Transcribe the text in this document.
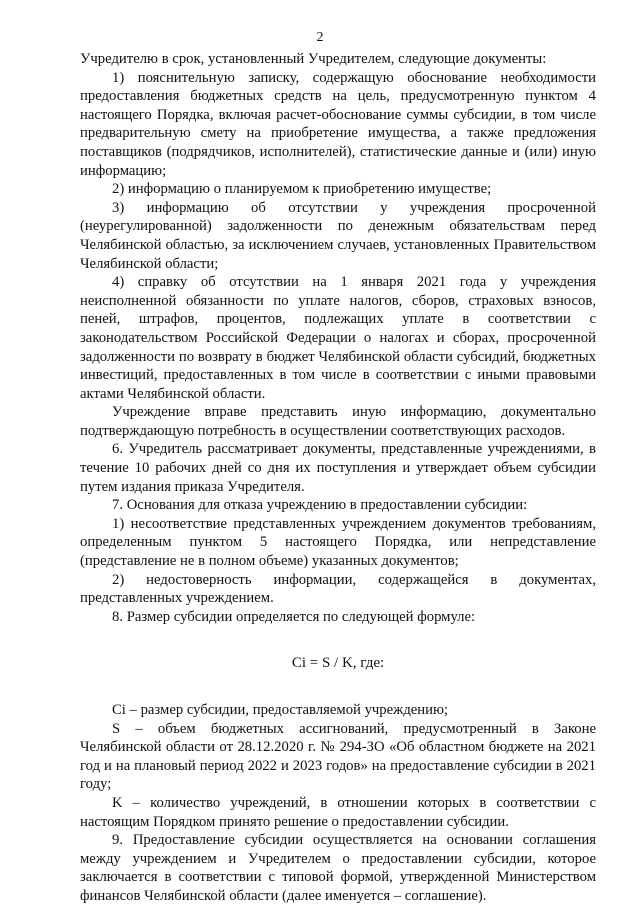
2

Учредителю в срок, установленный Учредителем, следующие документы:

1) пояснительную записку, содержащую обоснование необходимости предоставления бюджетных средств на цель, предусмотренную пунктом 4 настоящего Порядка, включая расчет-обоснование суммы субсидии, в том числе предварительную смету на приобретение имущества, а также предложения поставщиков (подрядчиков, исполнителей), статистические данные и (или) иную информацию;

2) информацию о планируемом к приобретению имуществе;

3) информацию об отсутствии у учреждения просроченной (неурегулированной) задолженности по денежным обязательствам перед Челябинской областью, за исключением случаев, установленных Правительством Челябинской области;

4) справку об отсутствии на 1 января 2021 года у учреждения неисполненной обязанности по уплате налогов, сборов, страховых взносов, пеней, штрафов, процентов, подлежащих уплате в соответствии с законодательством Российской Федерации о налогах и сборах, просроченной задолженности по возврату в бюджет Челябинской области субсидий, бюджетных инвестиций, предоставленных в том числе в соответствии с иными правовыми актами Челябинской области.

Учреждение вправе представить иную информацию, документально подтверждающую потребность в осуществлении соответствующих расходов.

6. Учредитель рассматривает документы, представленные учреждениями, в течение 10 рабочих дней со дня их поступления и утверждает объем субсидии путем издания приказа Учредителя.

7. Основания для отказа учреждению в предоставлении субсидии:

1) несоответствие представленных учреждением документов требованиям, определенным пунктом 5 настоящего Порядка, или непредставление (представление не в полном объеме) указанных документов;

2) недостоверность информации, содержащейся в документах, представленных учреждением.

8. Размер субсидии определяется по следующей формуле:

Ci = S / K, где:

Ci – размер субсидии, предоставляемой учреждению;

S – объем бюджетных ассигнований, предусмотренный в Законе Челябинской области от 28.12.2020 г. № 294-ЗО «Об областном бюджете на 2021 год и на плановый период 2022 и 2023 годов» на предоставление субсидии в 2021 году;

K – количество учреждений, в отношении которых в соответствии с настоящим Порядком принято решение о предоставлении субсидии.

9. Предоставление субсидии осуществляется на основании соглашения между учреждением и Учредителем о предоставлении субсидии, которое заключается в соответствии с типовой формой, утвержденной Министерством финансов Челябинской области (далее именуется – соглашение).
